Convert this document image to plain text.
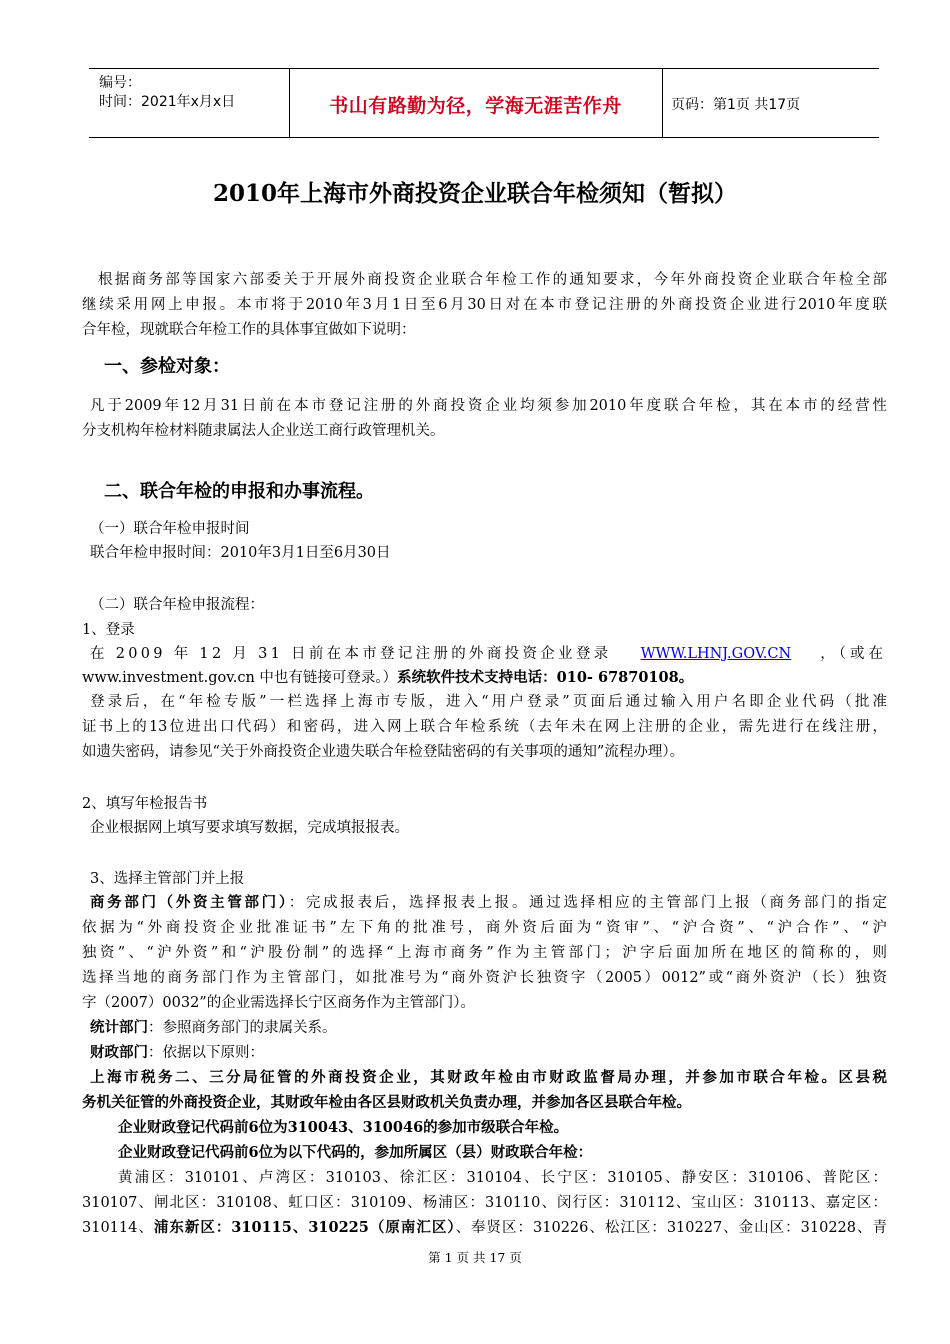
编号：
时间：2021年x月x日	书山有路勤为径，学海无涯苦作舟	页码：第1页 共17页
2010年上海市外商投资企业联合年检须知（暂拟）
根据商务部等国家六部委关于开展外商投资企业联合年检工作的通知要求，今年外商投资企业联合年检全部
继续采用网上申报。本市将于2010年3月1日至6月30日对在本市登记注册的外商投资企业进行2010年度联
合年检，现就联合年检工作的具体事宜做如下说明：
一、参检对象：
凡于2009年12月31日前在本市登记注册的外商投资企业均须参加2010年度联合年检，其在本市的经营性
分支机构年检材料随隶属法人企业送工商行政管理机关。
二、联合年检的申报和办事流程。
（一）联合年检申报时间
联合年检申报时间：2010年3月1日至6月30日
（二）联合年检申报流程：
1、登录
在 2009 年 12 月 31 日前在本市登记注册的外商投资企业登录 WWW.LHNJ.GOV.CN ，（或在
www.investment.gov.cn 中也有链接可登录。）系统软件技术支持电话：010- 67870108。
登录后，在“年检专版”一栏选择上海市专版，进入“用户登录”页面后通过输入用户名即企业代码（批准
证书上的13位进出口代码）和密码，进入网上联合年检系统（去年未在网上注册的企业，需先进行在线注册，
如遗失密码，请参见“关于外商投资企业遗失联合年检登陆密码的有关事项的通知”流程办理）。
2、填写年检报告书
企业根据网上填写要求填写数据，完成填报报表。
3、选择主管部门并上报
商务部门（外资主管部门）：完成报表后，选择报表上报。通过选择相应的主管部门上报（商务部门的指定
依据为“外商投资企业批准证书”左下角的批准号，商外资后面为“资审”、“沪合资”、“沪合作”、“沪
独资”、“沪外资”和“沪股份制”的选择“上海市商务”作为主管部门；沪字后面加所在地区的简称的，则
选择当地的商务部门作为主管部门，如批准号为“商外资沪长独资字（2005）0012”或“商外资沪（长）独资
字（2007）0032”的企业需选择长宁区商务作为主管部门）。
统计部门：参照商务部门的隶属关系。
财政部门：依据以下原则：
上海市税务二、三分局征管的外商投资企业，其财政年检由市财政监督局办理，并参加市联合年检。区县税
务机关征管的外商投资企业，其财政年检由各区县财政机关负责办理，并参加各区县联合年检。
企业财政登记代码前6位为310043、310046的参加市级联合年检。
企业财政登记代码前6位为以下代码的，参加所属区（县）财政联合年检：
黄浦区：310101、卢湾区：310103、徐汇区：310104、长宁区：310105、静安区：310106、普陀区：
310107、闸北区：310108、虹口区：310109、杨浦区：310110、闵行区：310112、宝山区：310113、嘉定区：
310114、浦东新区：310115、310225（原南汇区）、奉贤区：310226、松江区：310227、金山区：310228、青
第 1 页 共 17 页
